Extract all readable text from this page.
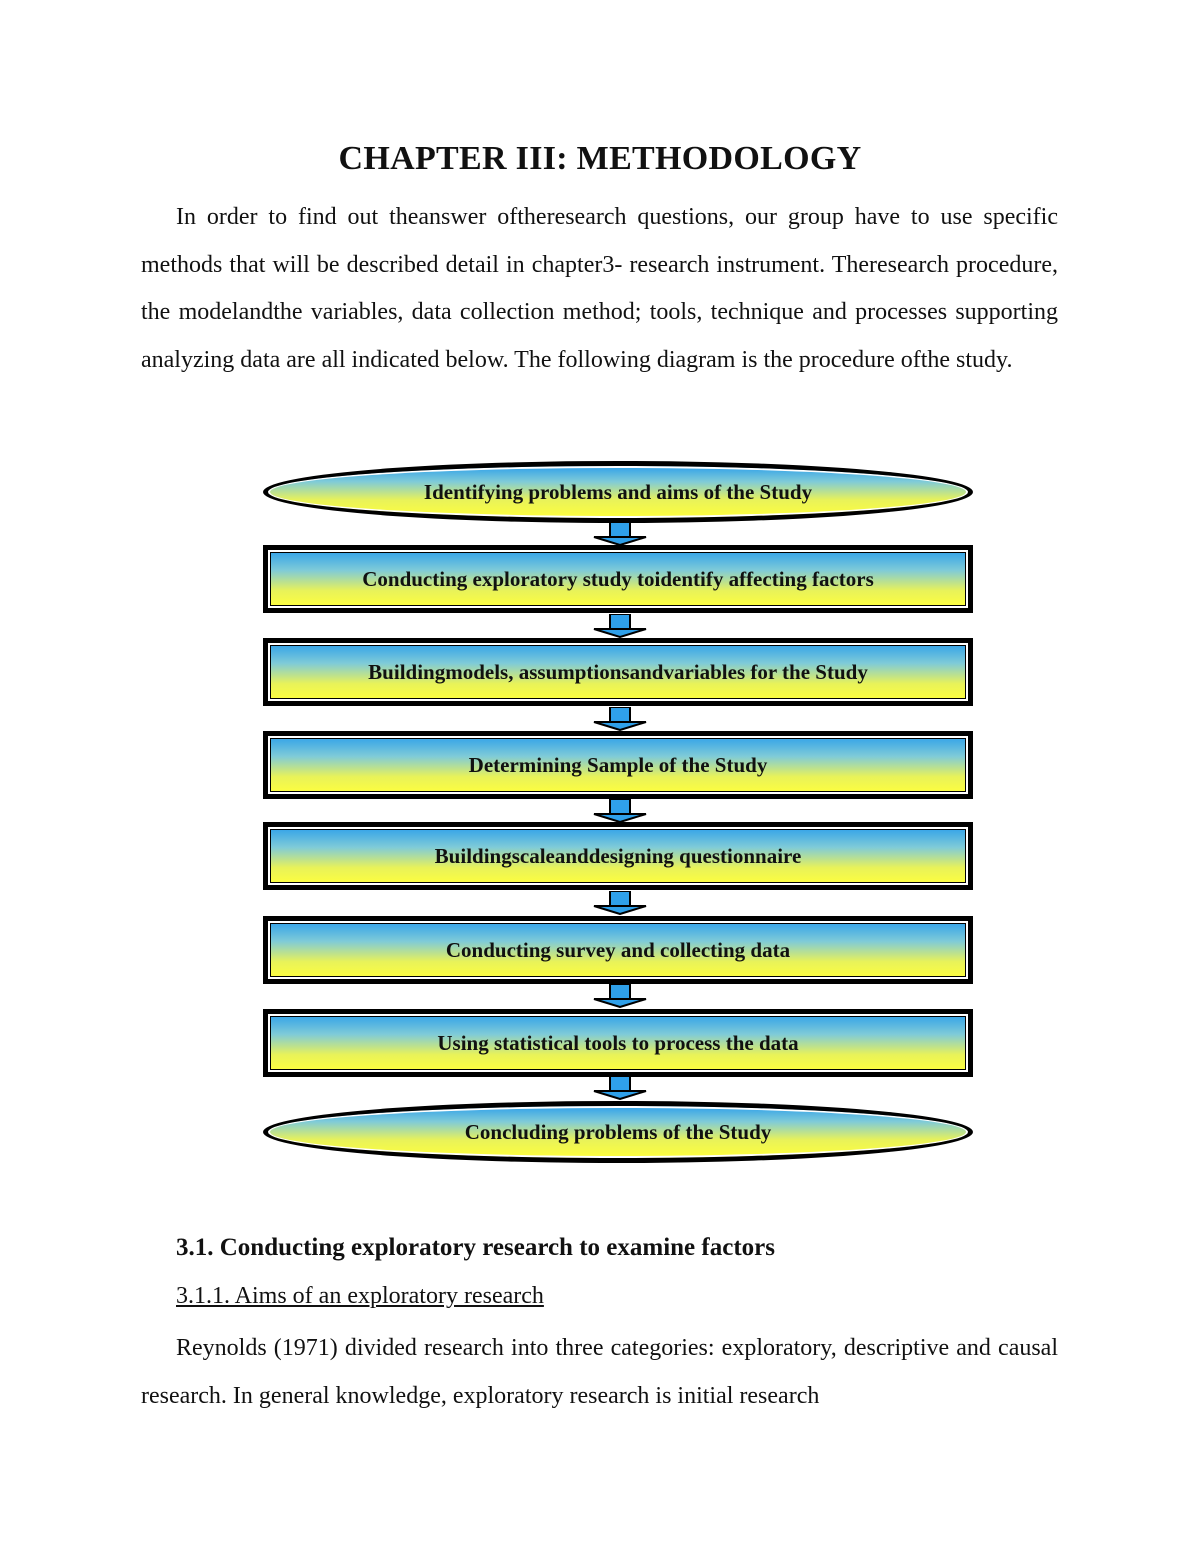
CHAPTER III: METHODOLOGY

In order to find out theanswer oftheresearch questions, our group have to use specific methods that will be described detail in chapter3- research instrument. Theresearch procedure, the modelandthe variables, data collection method; tools, technique and processes supporting analyzing data are all indicated below. The following diagram is the procedure ofthe study.

Identifying problems and aims of the Study
Conducting exploratory study toidentify affecting factors
Buildingmodels, assumptionsandvariables for the Study
Determining Sample of the Study
Buildingscaleanddesigning questionnaire
Conducting survey and collecting data
Using statistical tools to process the data
Concluding problems of the Study
3.1. Conducting exploratory research to examine factors
3.1.1. Aims of an exploratory research

Reynolds (1971) divided research into three categories: exploratory, descriptive and causal research. In general knowledge, exploratory research is initial research
